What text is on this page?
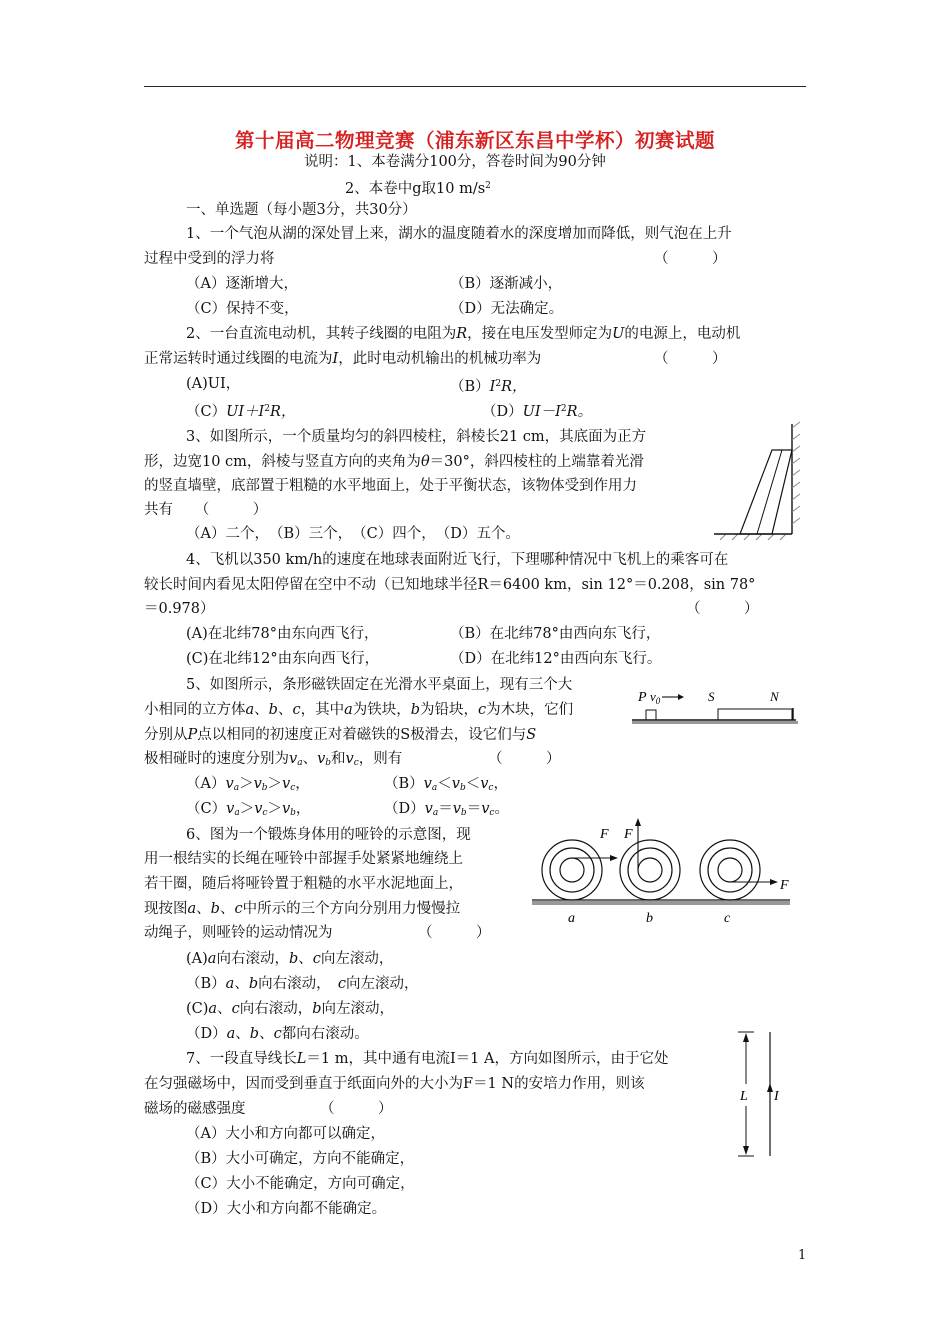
第十届高二物理竞赛（浦东新区东昌中学杯）初赛试题
说明：1、本卷满分100分，答卷时间为90分钟
2、本卷中g取10 $m/s^2$
一、单选题（每小题3分，共30分）
1、一个气泡从湖的深处冒上来，湖水的温度随着水的深度增加而降低，则气泡在上升
过程中受到的浮力将	（　　　）
（A）逐渐增大，	（B）逐渐减小，
（C）保持不变，	（D）无法确定。
2、一台直流电动机，其转子线圈的电阻为R，接在电压发型师定为U的电源上，电动机
正常运转时通过线圈的电流为I，此时电动机输出的机械功率为	（　　　）
(A)UI，	$(B)I^2R$，
$(C)UI+I^2R$，	$(D)UI-I^2R$。
3、如图所示，一个质量均匀的斜四棱柱，斜棱长21 cm，其底面为正方
形，边宽10 cm，斜棱与竖直方向的夹角为θ＝30°，斜四棱柱的上端靠着光滑
的竖直墙壁，底部置于粗糙的水平地面上，处于平衡状态，该物体受到作用力
共有　　（　　　）
（A）二个，　（B）三个，　（C）四个，　（D）五个。
4、飞机以350 km/h的速度在地球表面附近飞行，下理哪种情况中飞机上的乘客可在
较长时间内看见太阳停留在空中不动（已知地球半径R＝6400 km，sin 12°＝0.208，sin 78°
＝0.978）	（　　　）
(A)在北纬78°由东向西飞行，	（B）在北纬78°由西向东飞行，
(C)在北纬12°由东向西飞行，	（D）在北纬12°由西向东飞行。
5、如图所示，条形磁铁固定在光滑水平桌面上，现有三个大
小相同的立方体a、b、c，其中a为铁块，b为铅块，c为木块，它们
分别从P点以相同的初速度正对着磁铁的S极滑去，设它们与S
极相碰时的速度分别为$v_a$、$v_b$和$v_c$，则有	（　　　）
$(A)v_a>v_b>v_c$，	$(B)v_a<v_b<v_c$，
$(C)v_a>v_c>v_b$，	$(D)v_a=v_b=v_c$。
P $v_0$	S	N
6、图为一个锻炼身体用的哑铃的示意图，现
用一根结实的长绳在哑铃中部握手处紧紧地缠绕上
若干圈，随后将哑铃置于粗糙的水平水泥地面上，
现按图a、b、c中所示的三个方向分别用力慢慢拉
动绳子，则哑铃的运动情况为	（　　　）
(A)a向右滚动，b、c向左滚动，
（B）a、b向右滚动，　c向左滚动，
(C)a、c向右滚动，b向左滚动，
（D）a、b、c都向右滚动。
F F
F
a	b	c
7、一段直导线长L＝1 m，其中通有电流I＝1 A，方向如图所示，由于它处
在匀强磁场中，因而受到垂直于纸面向外的大小为F＝1 N的安培力作用，则该
磁场的磁感强度	（　　　）
（A）大小和方向都可以确定，
（B）大小可确定，方向不能确定，
（C）大小不能确定，方向可确定，
（D）大小和方向都不能确定。
L I
1
